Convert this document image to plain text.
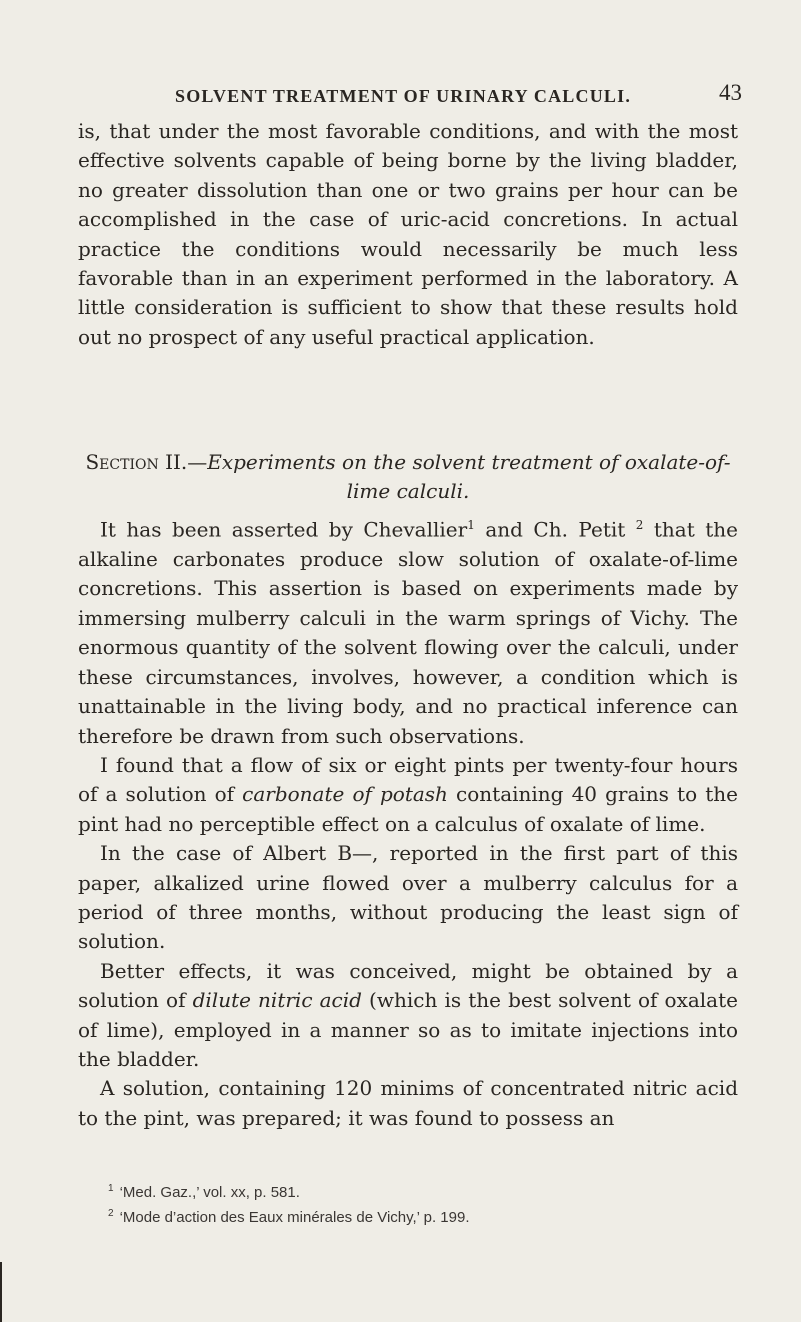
SOLVENT TREATMENT OF URINARY CALCULI.	43

is, that under the most favorable conditions, and with the most effective solvents capable of being borne by the living bladder, no greater dissolution than one or two grains per hour can be accomplished in the case of uric-acid concretions. In actual practice the conditions would necessarily be much less favorable than in an experiment performed in the laboratory. A little consideration is sufficient to show that these results hold out no prospect of any useful practical application.

Section II.—Experiments on the solvent treatment of oxalate-of-lime calculi.

It has been asserted by Chevallier$^1$ and Ch. Petit $^2$ that the alkaline carbonates produce slow solution of oxalate-of-lime concretions. This assertion is based on experiments made by immersing mulberry calculi in the warm springs of Vichy. The enormous quantity of the solvent flowing over the calculi, under these circumstances, involves, however, a condition which is unattainable in the living body, and no practical inference can therefore be drawn from such observations.

I found that a flow of six or eight pints per twenty-four hours of a solution of carbonate of potash containing 40 grains to the pint had no perceptible effect on a calculus of oxalate of lime.

In the case of Albert B—, reported in the first part of this paper, alkalized urine flowed over a mulberry calculus for a period of three months, without producing the least sign of solution.

Better effects, it was conceived, might be obtained by a solution of dilute nitric acid (which is the best solvent of oxalate of lime), employed in a manner so as to imitate injections into the bladder.

A solution, containing 120 minims of concentrated nitric acid to the pint, was prepared; it was found to possess an

$^1$ ‘Med. Gaz.,’ vol. xx, p. 581.
$^2$ ‘Mode d’action des Eaux minérales de Vichy,’ p. 199.
